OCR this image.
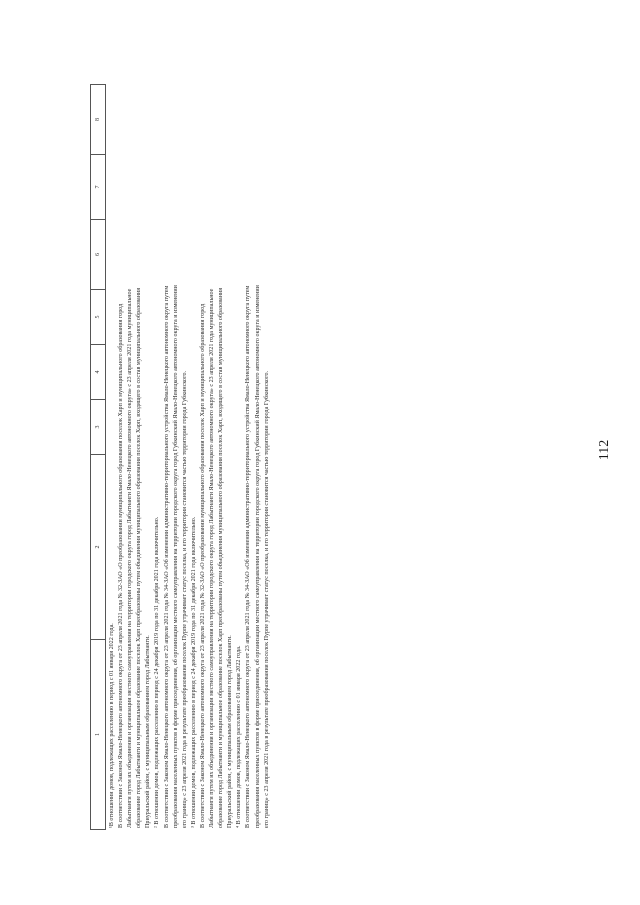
112
1	2	3	4	5	6	7	8
¹В отношении домов, подлежащих расселению в период с 01 января 2022 года. В соответствии с Законом Ямало-Ненецкого автономного округа от 23 апреля 2021 года № 32-ЗАО «О преобразовании муниципального образования поселок Харп и муниципального образования город Лабытнанги путем их объединения и организации местного самоуправления на территории городского округа город Лабытнанги Ямало-Ненецкого автономного округа» с 23 апреля 2021 года муниципальное образование город Лабытнанги и муниципальное образование поселок Харп преобразованы путем объединения муниципального образования поселок Харп, входящего в состав муниципального образования Приуральский район, с муниципальным образованием город Лабытнанги. ² В отношении домов, подлежащих расселению в период с 24 декабря 2019 года по 31 декабря 2021 года включительно. В соответствии с Законом Ямало-Ненецкого автономного округа от 23 апреля 2021 года № 34-ЗАО «Об изменении административно-территориального устройства Ямало-Ненецкого автономного округа путем преобразования населенных пунктов в форме присоединения, об организации местного самоуправления на территории городского округа город Губкинский Ямало-Ненецкого автономного округа и изменении его границ» с 23 апреля 2021 года в результате преобразования поселок Пурпе утрачивает статус поселка, и его территория становится частью территории города Губкинского. ³ В отношении домов, подлежащих расселению в период с 24 декабря 2019 года по 31 декабря 2021 года включительно. В соответствии с Законом Ямало-Ненецкого автономного округа от 23 апреля 2021 года № 32-ЗАО «О преобразовании муниципального образования поселок Харп и муниципального образования город Лабытнанги путем их объединения и организации местного самоуправления на территории городского округа город Лабытнанги Ямало-Ненецкого автономного округа» с 23 апреля 2021 года муниципальное образование город Лабытнанги и муниципальное образование поселок Харп преобразованы путем объединения муниципального образования поселок Харп, входящего в состав муниципального образования Приуральский район, с муниципальным образованием город Лабытнанги. ⁴ В отношении домов, подлежащих расселению с 01 января 2022 года. В соответствии с Законом Ямало-Ненецкого автономного округа от 23 апреля 2021 года № 34-ЗАО «Об изменении административно-территориального устройства Ямало-Ненецкого автономного округа путем преобразования населенных пунктов в форме присоединения, об организации местного самоуправления на территории городского округа город Губкинский Ямало-Ненецкого автономного округа и изменении его границ» с 23 апреля 2021 года в результате преобразования поселок Пурпе утрачивает статус поселка, и его территория становится частью территории города Губкинского.
